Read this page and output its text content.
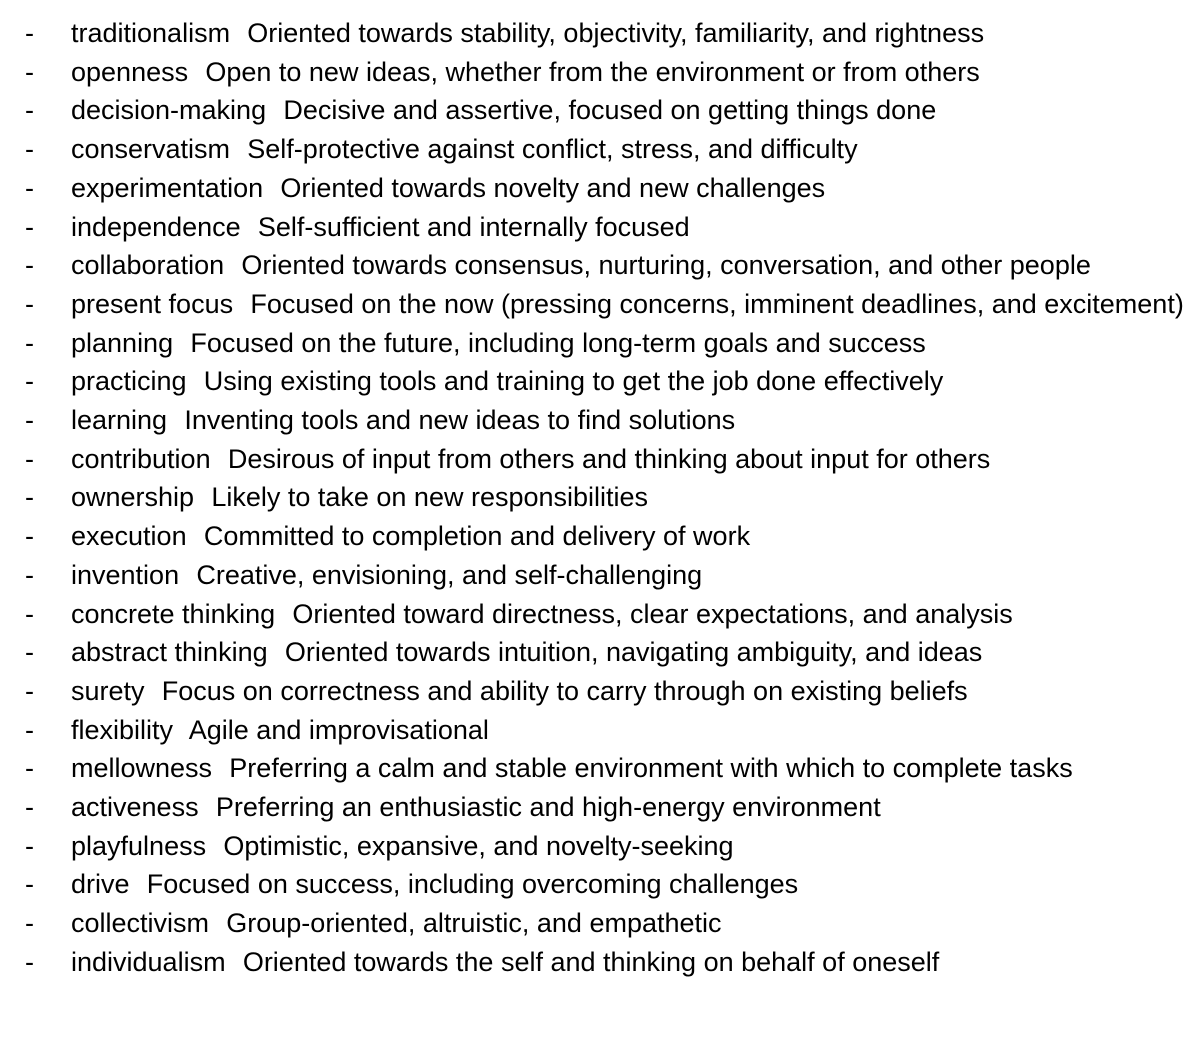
- traditionalism Oriented towards stability, objectivity, familiarity, and rightness
- openness Open to new ideas, whether from the environment or from others
- decision-making Decisive and assertive, focused on getting things done
- conservatism Self-protective against conflict, stress, and difficulty
- experimentation Oriented towards novelty and new challenges
- independence Self-sufficient and internally focused
- collaboration Oriented towards consensus, nurturing, conversation, and other people
- present focus Focused on the now (pressing concerns, imminent deadlines, and excitement)
- planning Focused on the future, including long-term goals and success
- practicing Using existing tools and training to get the job done effectively
- learning Inventing tools and new ideas to find solutions
- contribution Desirous of input from others and thinking about input for others
- ownership Likely to take on new responsibilities
- execution Committed to completion and delivery of work
- invention Creative, envisioning, and self-challenging
- concrete thinking Oriented toward directness, clear expectations, and analysis
- abstract thinking Oriented towards intuition, navigating ambiguity, and ideas
- surety Focus on correctness and ability to carry through on existing beliefs
- flexibility Agile and improvisational
- mellowness Preferring a calm and stable environment with which to complete tasks
- activeness Preferring an enthusiastic and high-energy environment
- playfulness Optimistic, expansive, and novelty-seeking
- drive Focused on success, including overcoming challenges
- collectivism Group-oriented, altruistic, and empathetic
- individualism Oriented towards the self and thinking on behalf of oneself
